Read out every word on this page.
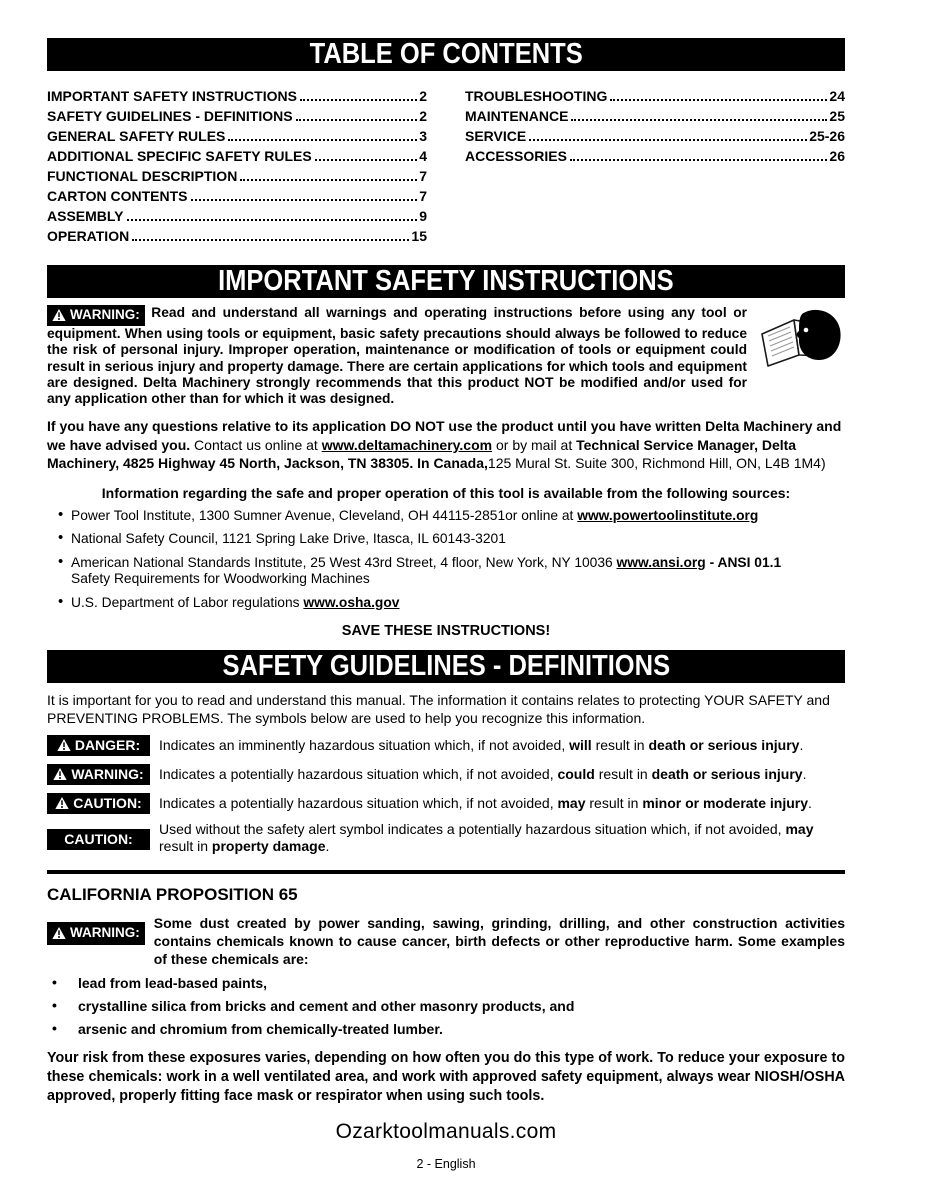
TABLE OF CONTENTS
IMPORTANT SAFETY INSTRUCTIONS	2
SAFETY GUIDELINES - DEFINITIONS	2
GENERAL SAFETY RULES	3
ADDITIONAL SPECIFIC SAFETY RULES	4
FUNCTIONAL DESCRIPTION	7
CARTON CONTENTS	7
ASSEMBLY	9
OPERATION	15
TROUBLESHOOTING	24
MAINTENANCE	25
SERVICE	25-26
ACCESSORIES	26
IMPORTANT SAFETY INSTRUCTIONS

WARNING: Read and understand all warnings and operating instructions before using any tool or equipment. When using tools or equipment, basic safety precautions should always be followed to reduce the risk of personal injury. Improper operation, maintenance or modification of tools or equipment could result in serious injury and property damage. There are certain applications for which tools and equipment are designed. Delta Machinery strongly recommends that this product NOT be modified and/or used for any application other than for which it was designed.

If you have any questions relative to its application DO NOT use the product until you have written Delta Machinery and we have advised you. Contact us online at www.deltamachinery.com or by mail at Technical Service Manager, Delta Machinery, 4825 Highway 45 North, Jackson, TN 38305. In Canada,125 Mural St. Suite 300, Richmond Hill, ON, L4B 1M4)

Information regarding the safe and proper operation of this tool is available from the following sources:

• Power Tool Institute, 1300 Sumner Avenue, Cleveland, OH 44115-2851or online at www.powertoolinstitute.org
• National Safety Council, 1121 Spring Lake Drive, Itasca, IL 60143-3201
• American National Standards Institute, 25 West 43rd Street, 4 floor, New York, NY 10036 www.ansi.org - ANSI 01.1
Safety Requirements for Woodworking Machines
• U.S. Department of Labor regulations www.osha.gov

SAVE THESE INSTRUCTIONS!

SAFETY GUIDELINES - DEFINITIONS

It is important for you to read and understand this manual. The information it contains relates to protecting YOUR SAFETY and PREVENTING PROBLEMS. The symbols below are used to help you recognize this information.

DANGER: Indicates an imminently hazardous situation which, if not avoided, will result in death or serious injury.
WARNING: Indicates a potentially hazardous situation which, if not avoided, could result in death or serious injury.
CAUTION: Indicates a potentially hazardous situation which, if not avoided, may result in minor or moderate injury.
CAUTION:
Used without the safety alert symbol indicates a potentially hazardous situation which, if not avoided, may result in property damage.
CALIFORNIA PROPOSITION 65
WARNING:
Some dust created by power sanding, sawing, grinding, drilling, and other construction activities contains chemicals known to cause cancer, birth defects or other reproductive harm. Some examples of these chemicals are:
• lead from lead-based paints,
• crystalline silica from bricks and cement and other masonry products, and
• arsenic and chromium from chemically-treated lumber.

Your risk from these exposures varies, depending on how often you do this type of work. To reduce your exposure to these chemicals: work in a well ventilated area, and work with approved safety equipment, always wear NIOSH/OSHA approved, properly fitting face mask or respirator when using such tools.

Ozarktoolmanuals.com
2 - English
